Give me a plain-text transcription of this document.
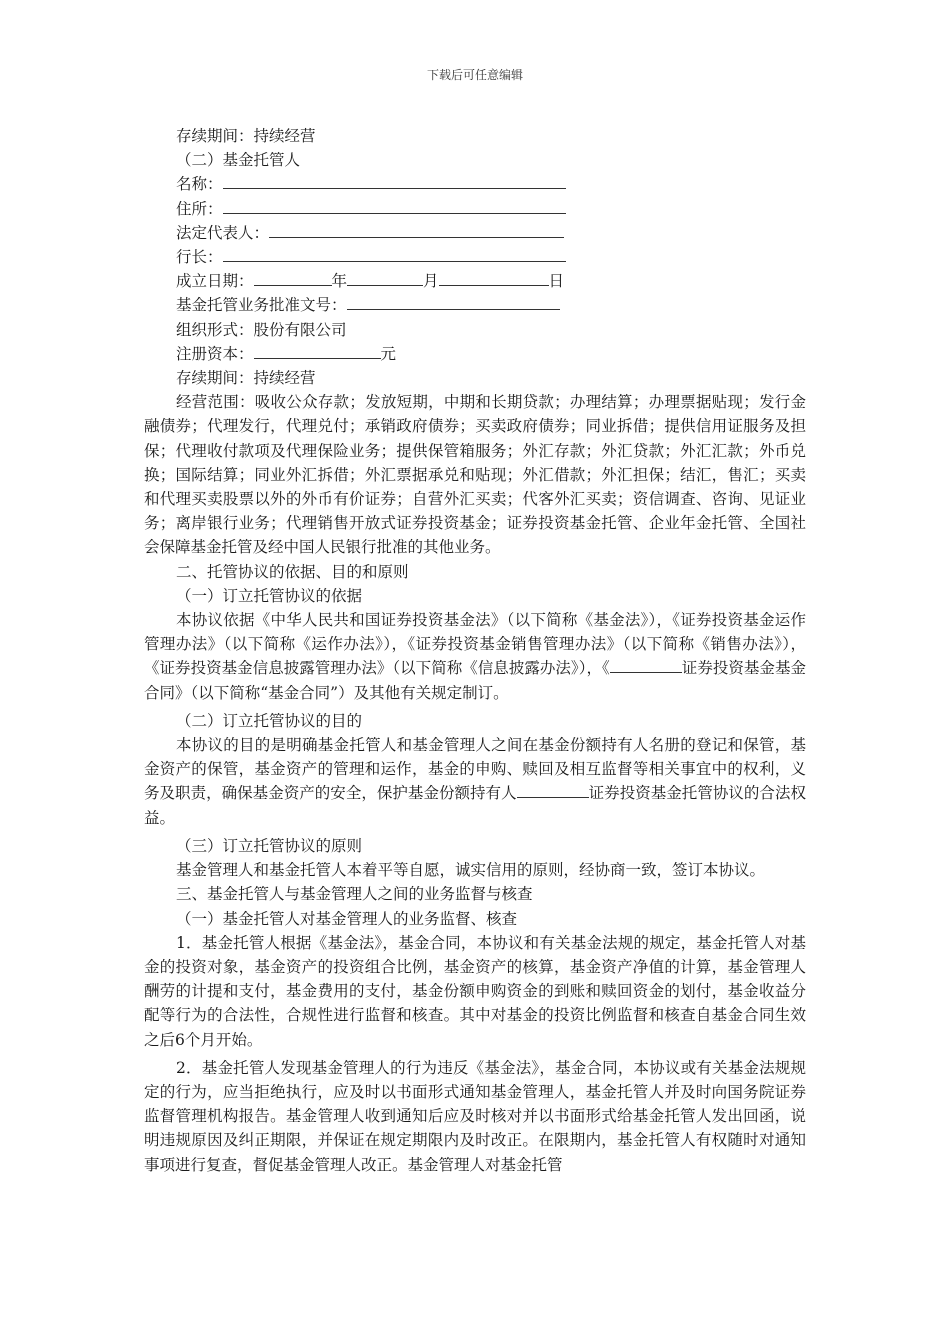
下载后可任意编辑
存续期间：持续经营
（二）基金托管人
名称：
住所：
法定代表人：
行长：
成立日期：	年	月	日
基金托管业务批准文号：
组织形式：股份有限公司
注册资本：	元
存续期间：持续经营
经营范围：吸收公众存款；发放短期，中期和长期贷款；办理结算；办理票据贴现；发行金融债券；代理发行，代理兑付；承销政府债券；买卖政府债券；同业拆借；提供信用证服务及担保；代理收付款项及代理保险业务；提供保管箱服务；外汇存款；外汇贷款；外汇汇款；外币兑换；国际结算；同业外汇拆借；外汇票据承兑和贴现；外汇借款；外汇担保；结汇，售汇；买卖和代理买卖股票以外的外币有价证券；自营外汇买卖；代客外汇买卖；资信调查、咨询、见证业务；离岸银行业务；代理销售开放式证券投资基金；证券投资基金托管、企业年金托管、全国社会保障基金托管及经中国人民银行批准的其他业务。
二、托管协议的依据、目的和原则
（一）订立托管协议的依据
本协议依据《中华人民共和国证券投资基金法》（以下简称《基金法》），《证券投资基金运作管理办法》（以下简称《运作办法》），《证券投资基金销售管理办法》（以下简称《销售办法》），《证券投资基金信息披露管理办法》（以下简称《信息披露办法》），《	证券投资基金基金合同》（以下简称“基金合同”）及其他有关规定制订。
（二）订立托管协议的目的
本协议的目的是明确基金托管人和基金管理人之间在基金份额持有人名册的登记和保管，基金资产的保管，基金资产的管理和运作，基金的申购、赎回及相互监督等相关事宜中的权利，义务及职责，确保基金资产的安全，保护基金份额持有人	证券投资基金托管协议的合法权益。
（三）订立托管协议的原则
基金管理人和基金托管人本着平等自愿，诚实信用的原则，经协商一致，签订本协议。
三、基金托管人与基金管理人之间的业务监督与核查
（一）基金托管人对基金管理人的业务监督、核查
1．基金托管人根据《基金法》，基金合同，本协议和有关基金法规的规定，基金托管人对基金的投资对象，基金资产的投资组合比例，基金资产的核算，基金资产净值的计算，基金管理人酬劳的计提和支付，基金费用的支付，基金份额申购资金的到账和赎回资金的划付，基金收益分配等行为的合法性，合规性进行监督和核查。其中对基金的投资比例监督和核查自基金合同生效之后6个月开始。
2．基金托管人发现基金管理人的行为违反《基金法》，基金合同，本协议或有关基金法规规定的行为，应当拒绝执行，应及时以书面形式通知基金管理人，基金托管人并及时向国务院证券监督管理机构报告。基金管理人收到通知后应及时核对并以书面形式给基金托管人发出回函，说明违规原因及纠正期限，并保证在规定期限内及时改正。在限期内，基金托管人有权随时对通知事项进行复查，督促基金管理人改正。基金管理人对基金托管
